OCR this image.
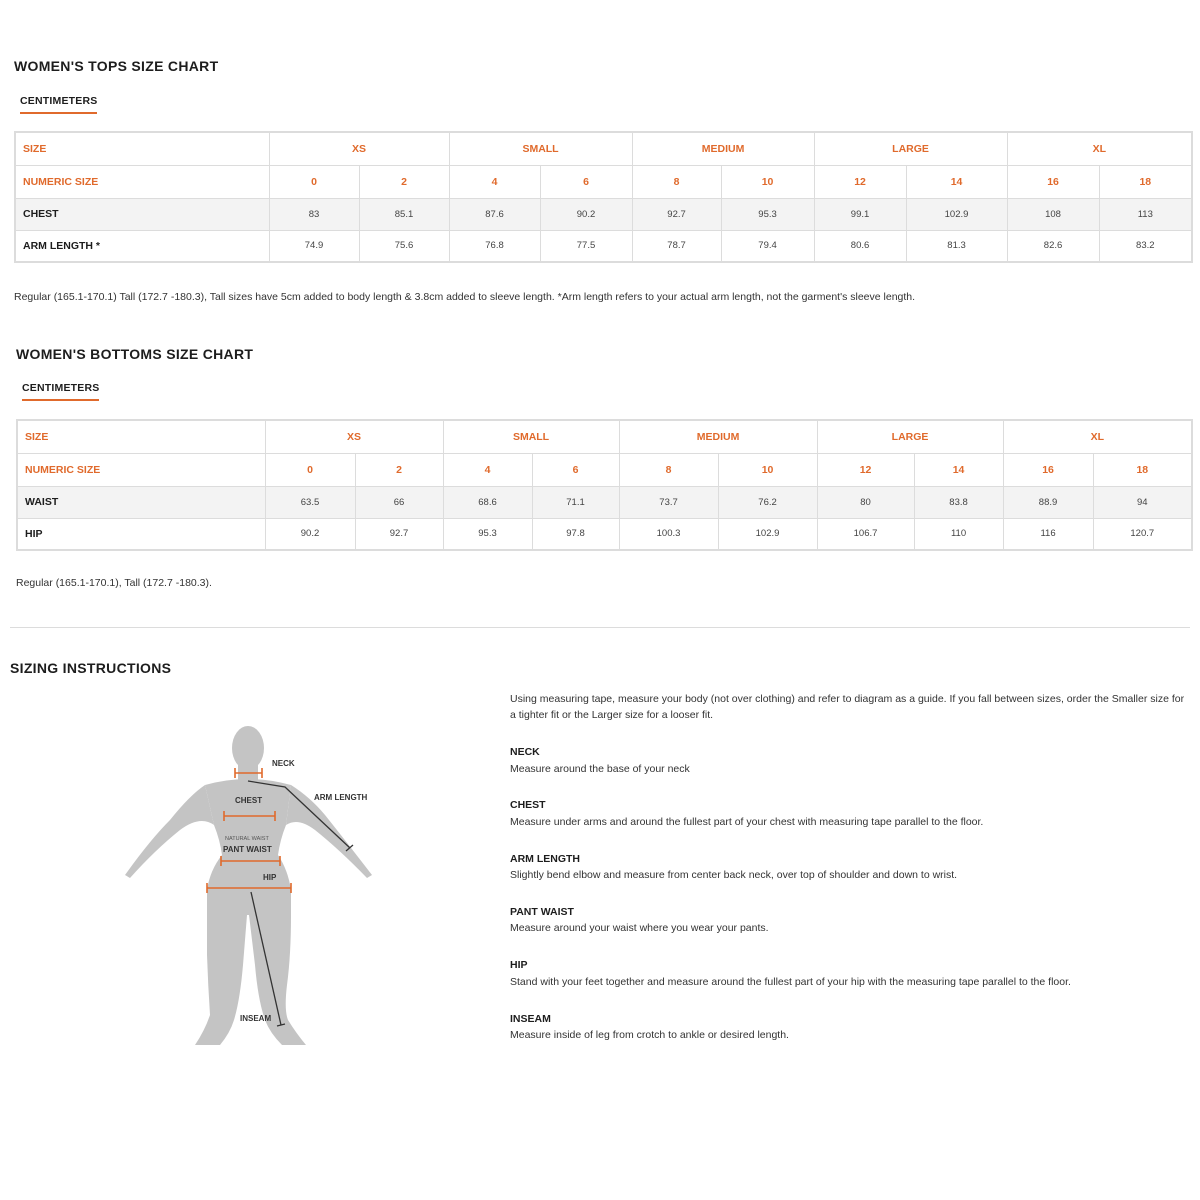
WOMEN'S TOPS SIZE CHART
CENTIMETERS
SIZE	XS		SMALL		MEDIUM		LARGE		XL	
NUMERIC SIZE	0	2	4	6	8	10	12	14	16	18
CHEST	83	85.1	87.6	90.2	92.7	95.3	99.1	102.9	108	113
ARM LENGTH *	74.9	75.6	76.8	77.5	78.7	79.4	80.6	81.3	82.6	83.2
Regular (165.1-170.1) Tall (172.7 -180.3), Tall sizes have 5cm added to body length & 3.8cm added to sleeve length. *Arm length refers to your actual arm length, not the garment's sleeve length.
WOMEN'S BOTTOMS SIZE CHART
CENTIMETERS
SIZE	XS		SMALL		MEDIUM		LARGE		XL	
NUMERIC SIZE	0	2	4	6	8	10	12	14	16	18
WAIST	63.5	66	68.6	71.1	73.7	76.2	80	83.8	88.9	94
HIP	90.2	92.7	95.3	97.8	100.3	102.9	106.7	110	116	120.7
Regular (165.1-170.1), Tall (172.7 -180.3).
SIZING INSTRUCTIONS
NECK
CHEST	ARM LENGTH
NATURAL WAIST
PANT WAIST
HIP
INSEAM
Using measuring tape, measure your body (not over clothing) and refer to diagram as a guide. If you fall between sizes, order the Smaller size for a tighter fit or the Larger size for a looser fit.
NECK
Measure around the base of your neck
CHEST
Measure under arms and around the fullest part of your chest with measuring tape parallel to the floor.
ARM LENGTH
Slightly bend elbow and measure from center back neck, over top of shoulder and down to wrist.
PANT WAIST
Measure around your waist where you wear your pants.
HIP
Stand with your feet together and measure around the fullest part of your hip with the measuring tape parallel to the floor.
INSEAM
Measure inside of leg from crotch to ankle or desired length.
